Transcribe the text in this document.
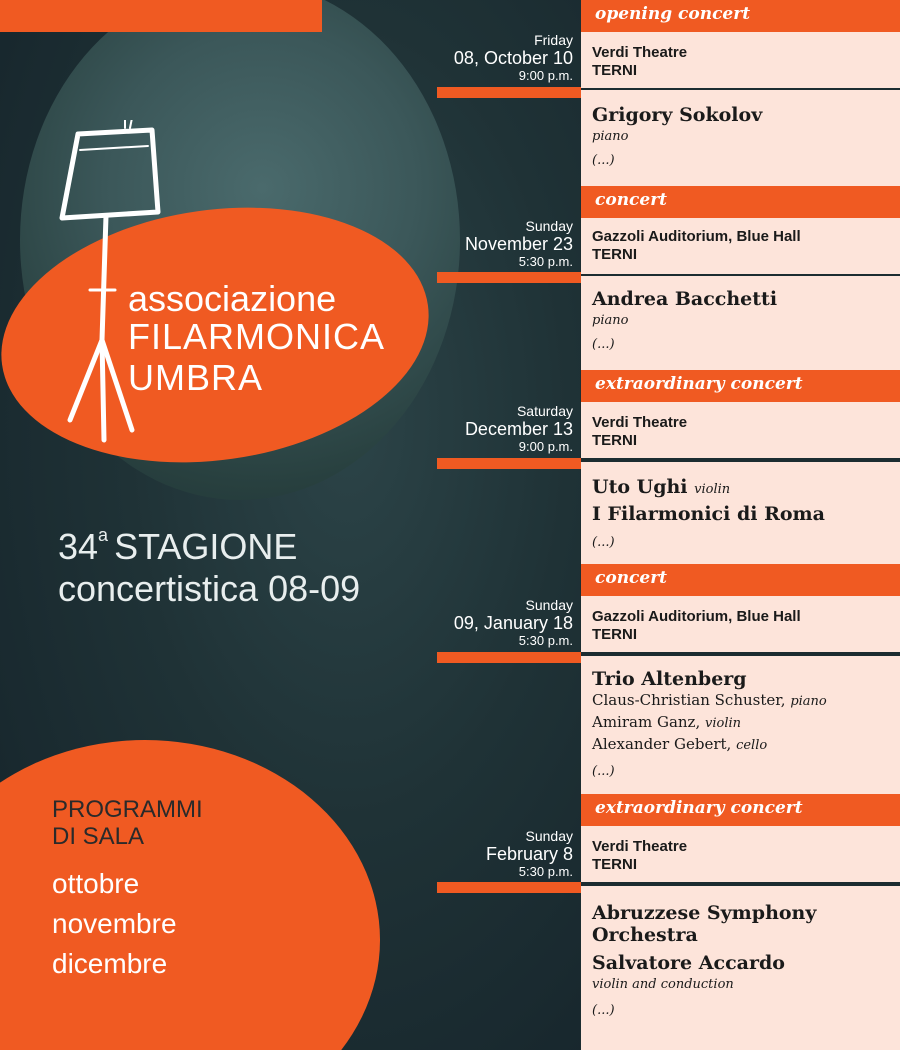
associazione
FILARMONICA
UMBRA
34$^a$ STAGIONE
concertistica 08-09
PROGRAMMI
DI SALA
ottobre
novembre
dicembre
Friday
08, October 10
9:00 p.m.
Sunday
November 23
5:30 p.m.
Saturday
December 13
9:00 p.m.
Sunday
09, January 18
5:30 p.m.
Sunday
February 8
5:30 p.m.
opening concert
Verdi Theatre
TERNI
Grigory Sokolov
piano
(...)
concert
Gazzoli Auditorium, Blue Hall
TERNI
Andrea Bacchetti
piano
(...)
extraordinary concert
Verdi Theatre
TERNI
Uto Ughi violin
I Filarmonici di Roma
(...)
concert
Gazzoli Auditorium, Blue Hall
TERNI
Trio Altenberg
Claus-Christian Schuster, piano
Amiram Ganz, violin
Alexander Gebert, cello
(...)
extraordinary concert
Verdi Theatre
TERNI
Abruzzese Symphony Orchestra
Salvatore Accardo
violin and conduction
(...)
